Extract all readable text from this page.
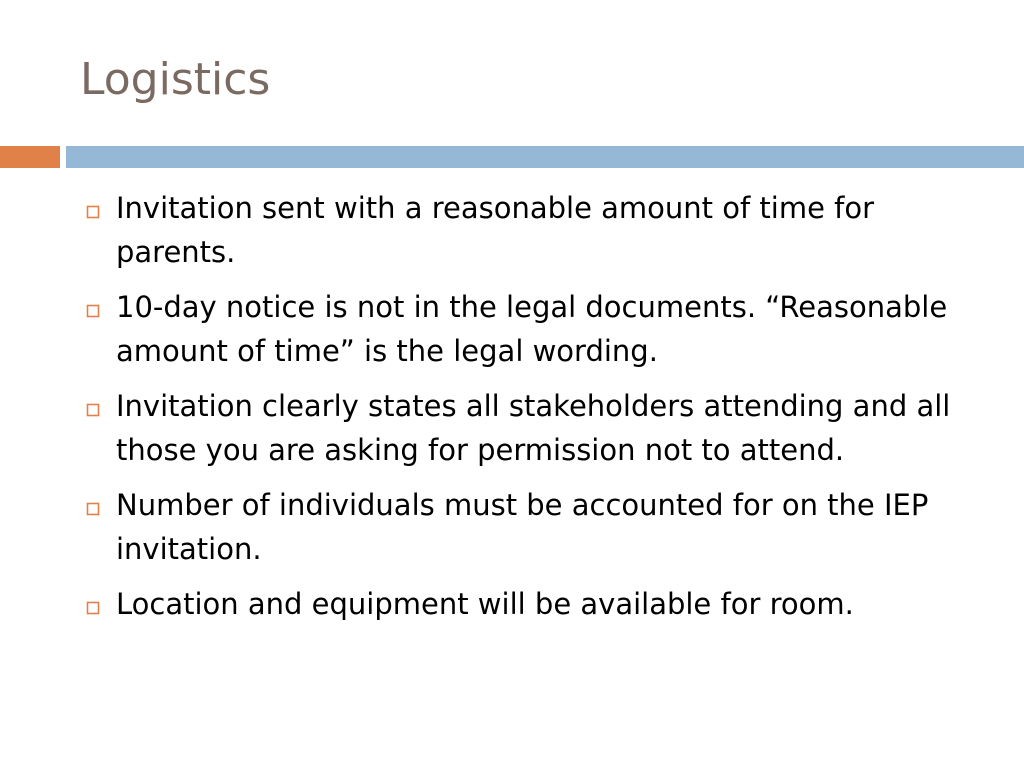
Logistics
Invitation sent with a reasonable amount of time for parents.
10-day notice is not in the legal documents. “Reasonable amount of time” is the legal wording.
Invitation clearly states all stakeholders attending and all those you are asking for permission not to attend.
Number of individuals must be accounted for on the IEP invitation.
Location and equipment will be available for room.
